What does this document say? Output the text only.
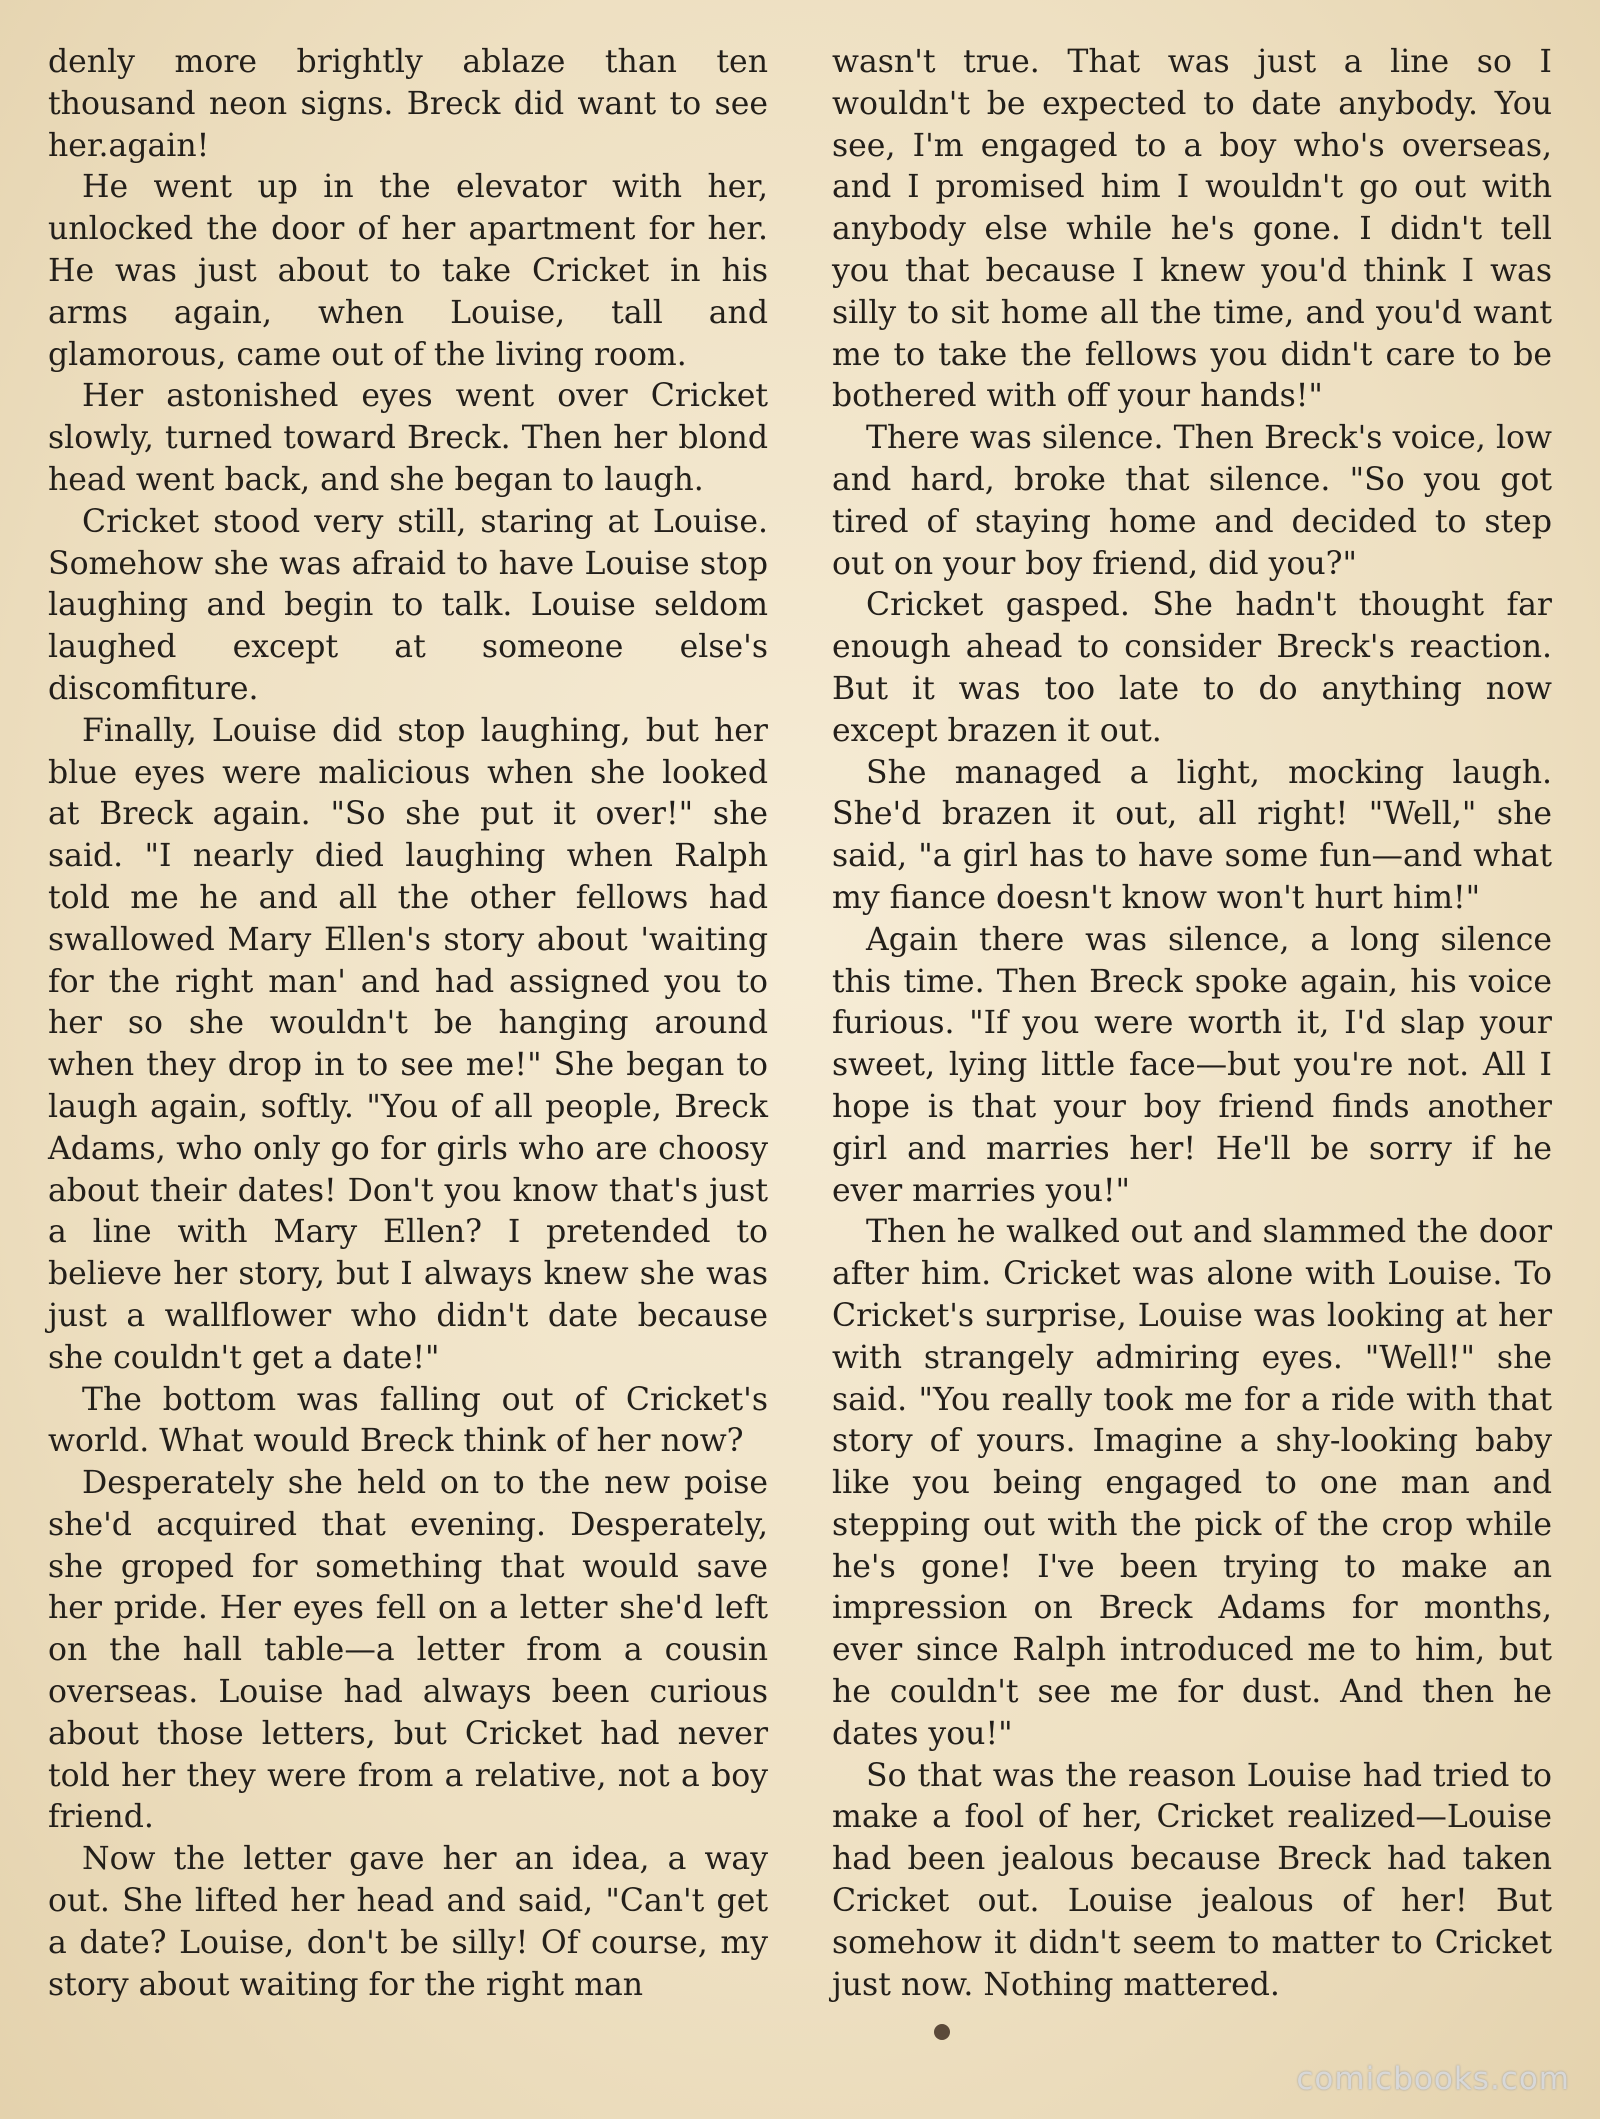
denly more brightly ablaze than ten thousand neon signs. Breck did want to see her.again!

He went up in the elevator with her, unlocked the door of her apartment for her. He was just about to take Cricket in his arms again, when Louise, tall and glamorous, came out of the living room.

Her astonished eyes went over Cricket slowly, turned toward Breck. Then her blond head went back, and she began to laugh.

Cricket stood very still, staring at Louise. Somehow she was afraid to have Louise stop laughing and begin to talk. Louise seldom laughed except at someone else's discomfiture.

Finally, Louise did stop laughing, but her blue eyes were malicious when she looked at Breck again. "So she put it over!" she said. "I nearly died laughing when Ralph told me he and all the other fellows had swallowed Mary Ellen's story about 'waiting for the right man' and had assigned you to her so she wouldn't be hanging around when they drop in to see me!" She began to laugh again, softly. "You of all people, Breck Adams, who only go for girls who are choosy about their dates! Don't you know that's just a line with Mary Ellen? I pretended to believe her story, but I always knew she was just a wallflower who didn't date because she couldn't get a date!"

The bottom was falling out of Cricket's world. What would Breck think of her now?

Desperately she held on to the new poise she'd acquired that evening. Desperately, she groped for something that would save her pride. Her eyes fell on a letter she'd left on the hall table—a letter from a cousin overseas. Louise had always been curious about those letters, but Cricket had never told her they were from a relative, not a boy friend.

Now the letter gave her an idea, a way out. She lifted her head and said, "Can't get a date? Louise, don't be silly! Of course, my story about waiting for the right man

wasn't true. That was just a line so I wouldn't be expected to date anybody. You see, I'm engaged to a boy who's overseas, and I promised him I wouldn't go out with anybody else while he's gone. I didn't tell you that because I knew you'd think I was silly to sit home all the time, and you'd want me to take the fellows you didn't care to be bothered with off your hands!"

There was silence. Then Breck's voice, low and hard, broke that silence. "So you got tired of staying home and decided to step out on your boy friend, did you?"

Cricket gasped. She hadn't thought far enough ahead to consider Breck's reaction. But it was too late to do anything now except brazen it out.

She managed a light, mocking laugh. She'd brazen it out, all right! "Well," she said, "a girl has to have some fun—and what my fiance doesn't know won't hurt him!"

Again there was silence, a long silence this time. Then Breck spoke again, his voice furious. "If you were worth it, I'd slap your sweet, lying little face—but you're not. All I hope is that your boy friend finds another girl and marries her! He'll be sorry if he ever marries you!"

Then he walked out and slammed the door after him. Cricket was alone with Louise. To Cricket's surprise, Louise was looking at her with strangely admiring eyes. "Well!" she said. "You really took me for a ride with that story of yours. Imagine a shy-looking baby like you being engaged to one man and stepping out with the pick of the crop while he's gone! I've been trying to make an impression on Breck Adams for months, ever since Ralph introduced me to him, but he couldn't see me for dust. And then he dates you!"

So that was the reason Louise had tried to make a fool of her, Cricket realized—Louise had been jealous because Breck had taken Cricket out. Louise jealous of her! But somehow it didn't seem to matter to Cricket just now. Nothing mattered.

comicbooks.com
